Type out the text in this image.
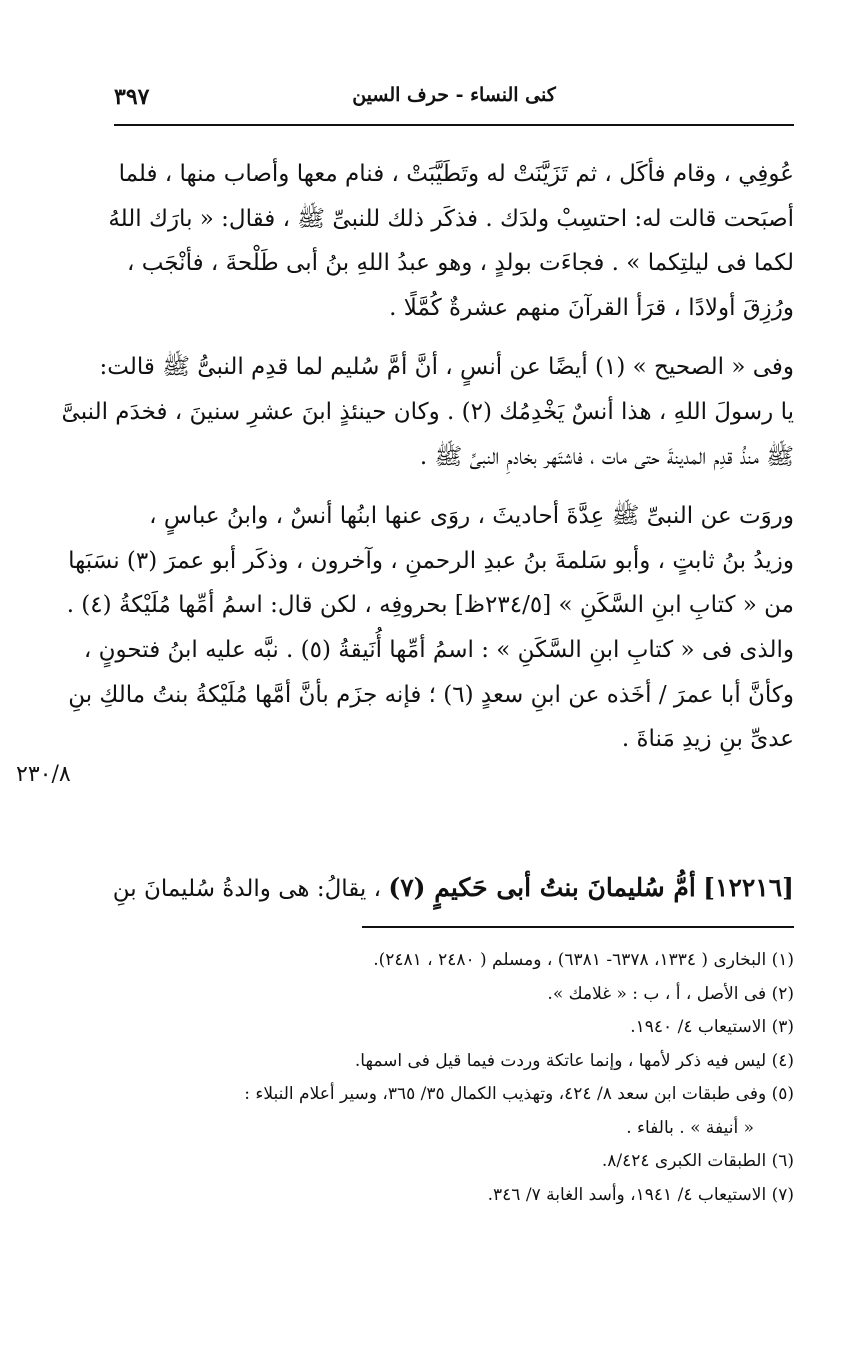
٣٩٧	كنى النساء - حرف السين
عُوفِي ، وقام فأكَل ، ثم تَزَيَّنَتْ له وتَطَيَّبَتْ ، فنام معها وأصاب منها ، فلما
أصبَحت قالت له: احتسِبْ ولدَك . فذكَر ذلك للنبىِّ ﷺ ، فقال: « بارَك اللهُ
لكما فى ليلتِكما » . فجاءَت بولدٍ ، وهو عبدُ اللهِ بنُ أبى طَلْحةَ ، فأنْجَب ،
ورُزِقَ أولادًا ، قرَأ القرآنَ منهم عشرةٌ كُمَّلًا .
وفى « الصحيح » (١) أيضًا عن أنسٍ ، أنَّ أمَّ سُليم لما قدِم النبىُّ ﷺ قالت:
يا رسولَ اللهِ ، هذا أنسٌ يَخْدِمُك (٢) . وكان حينئذٍ ابنَ عشرِ سنينَ ، فخدَم النبىَّ
ﷺ منذُ قدِم المدينةَ حتى مات ، فاشتَهر بخادمِ النبىِّ ﷺ .
وروَت عن النبىِّ ﷺ عِدَّةَ أحاديثَ ، روَى عنها ابنُها أنسٌ ، وابنُ عباسٍ ،
وزيدُ بنُ ثابتٍ ، وأبو سَلمةَ بنُ عبدِ الرحمنِ ، وآخرون ، وذكَر أبو عمرَ (٣) نسَبَها
من « كتابِ ابنِ السَّكَنِ » [٢٣٤/٥ظ] بحروفِه ، لكن قال: اسمُ أمِّها مُلَيْكةُ (٤) .
والذى فى « كتابِ ابنِ السَّكَنِ » : اسمُ أمِّها أُنَيقةُ (٥) . نبَّه عليه ابنُ فتحونٍ ،
وكأنَّ أبا عمرَ / أخَذه عن ابنِ سعدٍ (٦) ؛ فإنه جزَم بأنَّ أمَّها مُلَيْكةُ بنتُ مالكِ بنِ
عدىِّ بنِ زيدِ مَناةَ .
٢٣٠/٨
[١٢٢١٦] أمُّ سُليمانَ بنتُ أبى حَكيمٍ (٧) ، يقالُ: هى والدةُ سُليمانَ بنِ

(١) البخارى ( ١٣٣٤، ٦٣٧٨- ٦٣٨١) ، ومسلم ( ٢٤٨٠ ، ٢٤٨١).

(٢) فى الأصل ، أ ، ب : « غلامك ».

(٣) الاستيعاب ٤/ ١٩٤٠.

(٤) ليس فيه ذكر لأمها ، وإنما عاتكة وردت فيما قيل فى اسمها.

(٥) وفى طبقات ابن سعد ٨/ ٤٢٤، وتهذيب الكمال ٣٥/ ٣٦٥، وسير أعلام النبلاء :

« أنيفة » . بالفاء .

(٦) الطبقات الكبرى ٨/٤٢٤.

(٧) الاستيعاب ٤/ ١٩٤١، وأسد الغابة ٧/ ٣٤٦.
